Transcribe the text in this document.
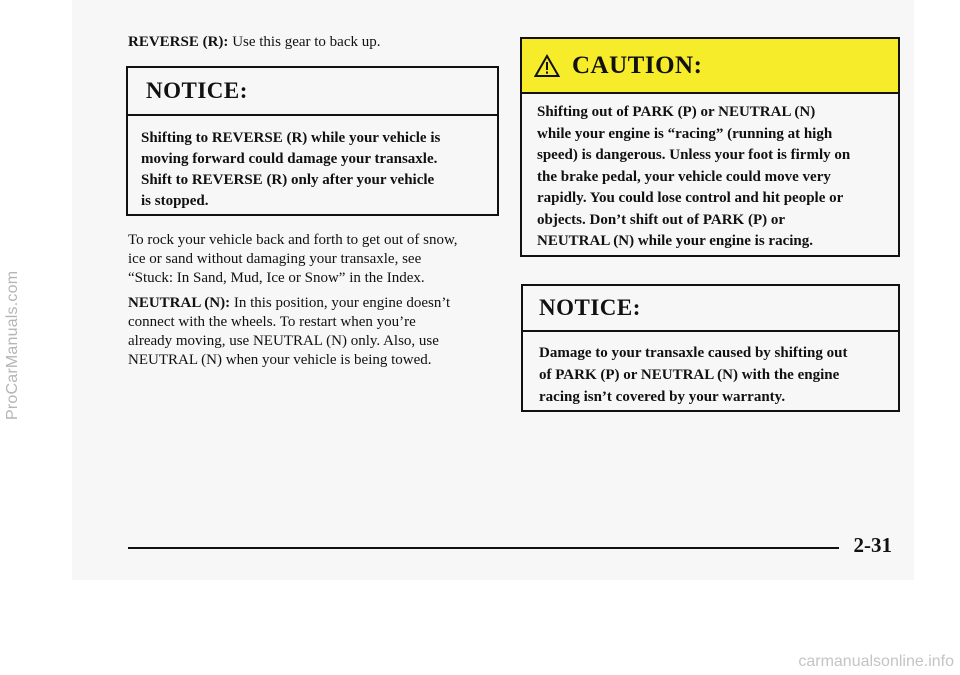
ProCarManuals.com

REVERSE (R): Use this gear to back up.

NOTICE:
Shifting to REVERSE (R) while your vehicle is
moving forward could damage your transaxle.
Shift to REVERSE (R) only after your vehicle
is stopped.
To rock your vehicle back and forth to get out of snow,
ice or sand without damaging your transaxle, see
“Stuck: In Sand, Mud, Ice or Snow” in the Index.
NEUTRAL (N): In this position, your engine doesn’t
connect with the wheels. To restart when you’re
already moving, use NEUTRAL (N) only. Also, use
NEUTRAL (N) when your vehicle is being towed.
CAUTION:
Shifting out of PARK (P) or NEUTRAL (N)
while your engine is “racing” (running at high
speed) is dangerous. Unless your foot is firmly on
the brake pedal, your vehicle could move very
rapidly. You could lose control and hit people or
objects. Don’t shift out of PARK (P) or
NEUTRAL (N) while your engine is racing.
NOTICE:
Damage to your transaxle caused by shifting out
of PARK (P) or NEUTRAL (N) with the engine
racing isn’t covered by your warranty.
2-31
carmanualsonline.info
